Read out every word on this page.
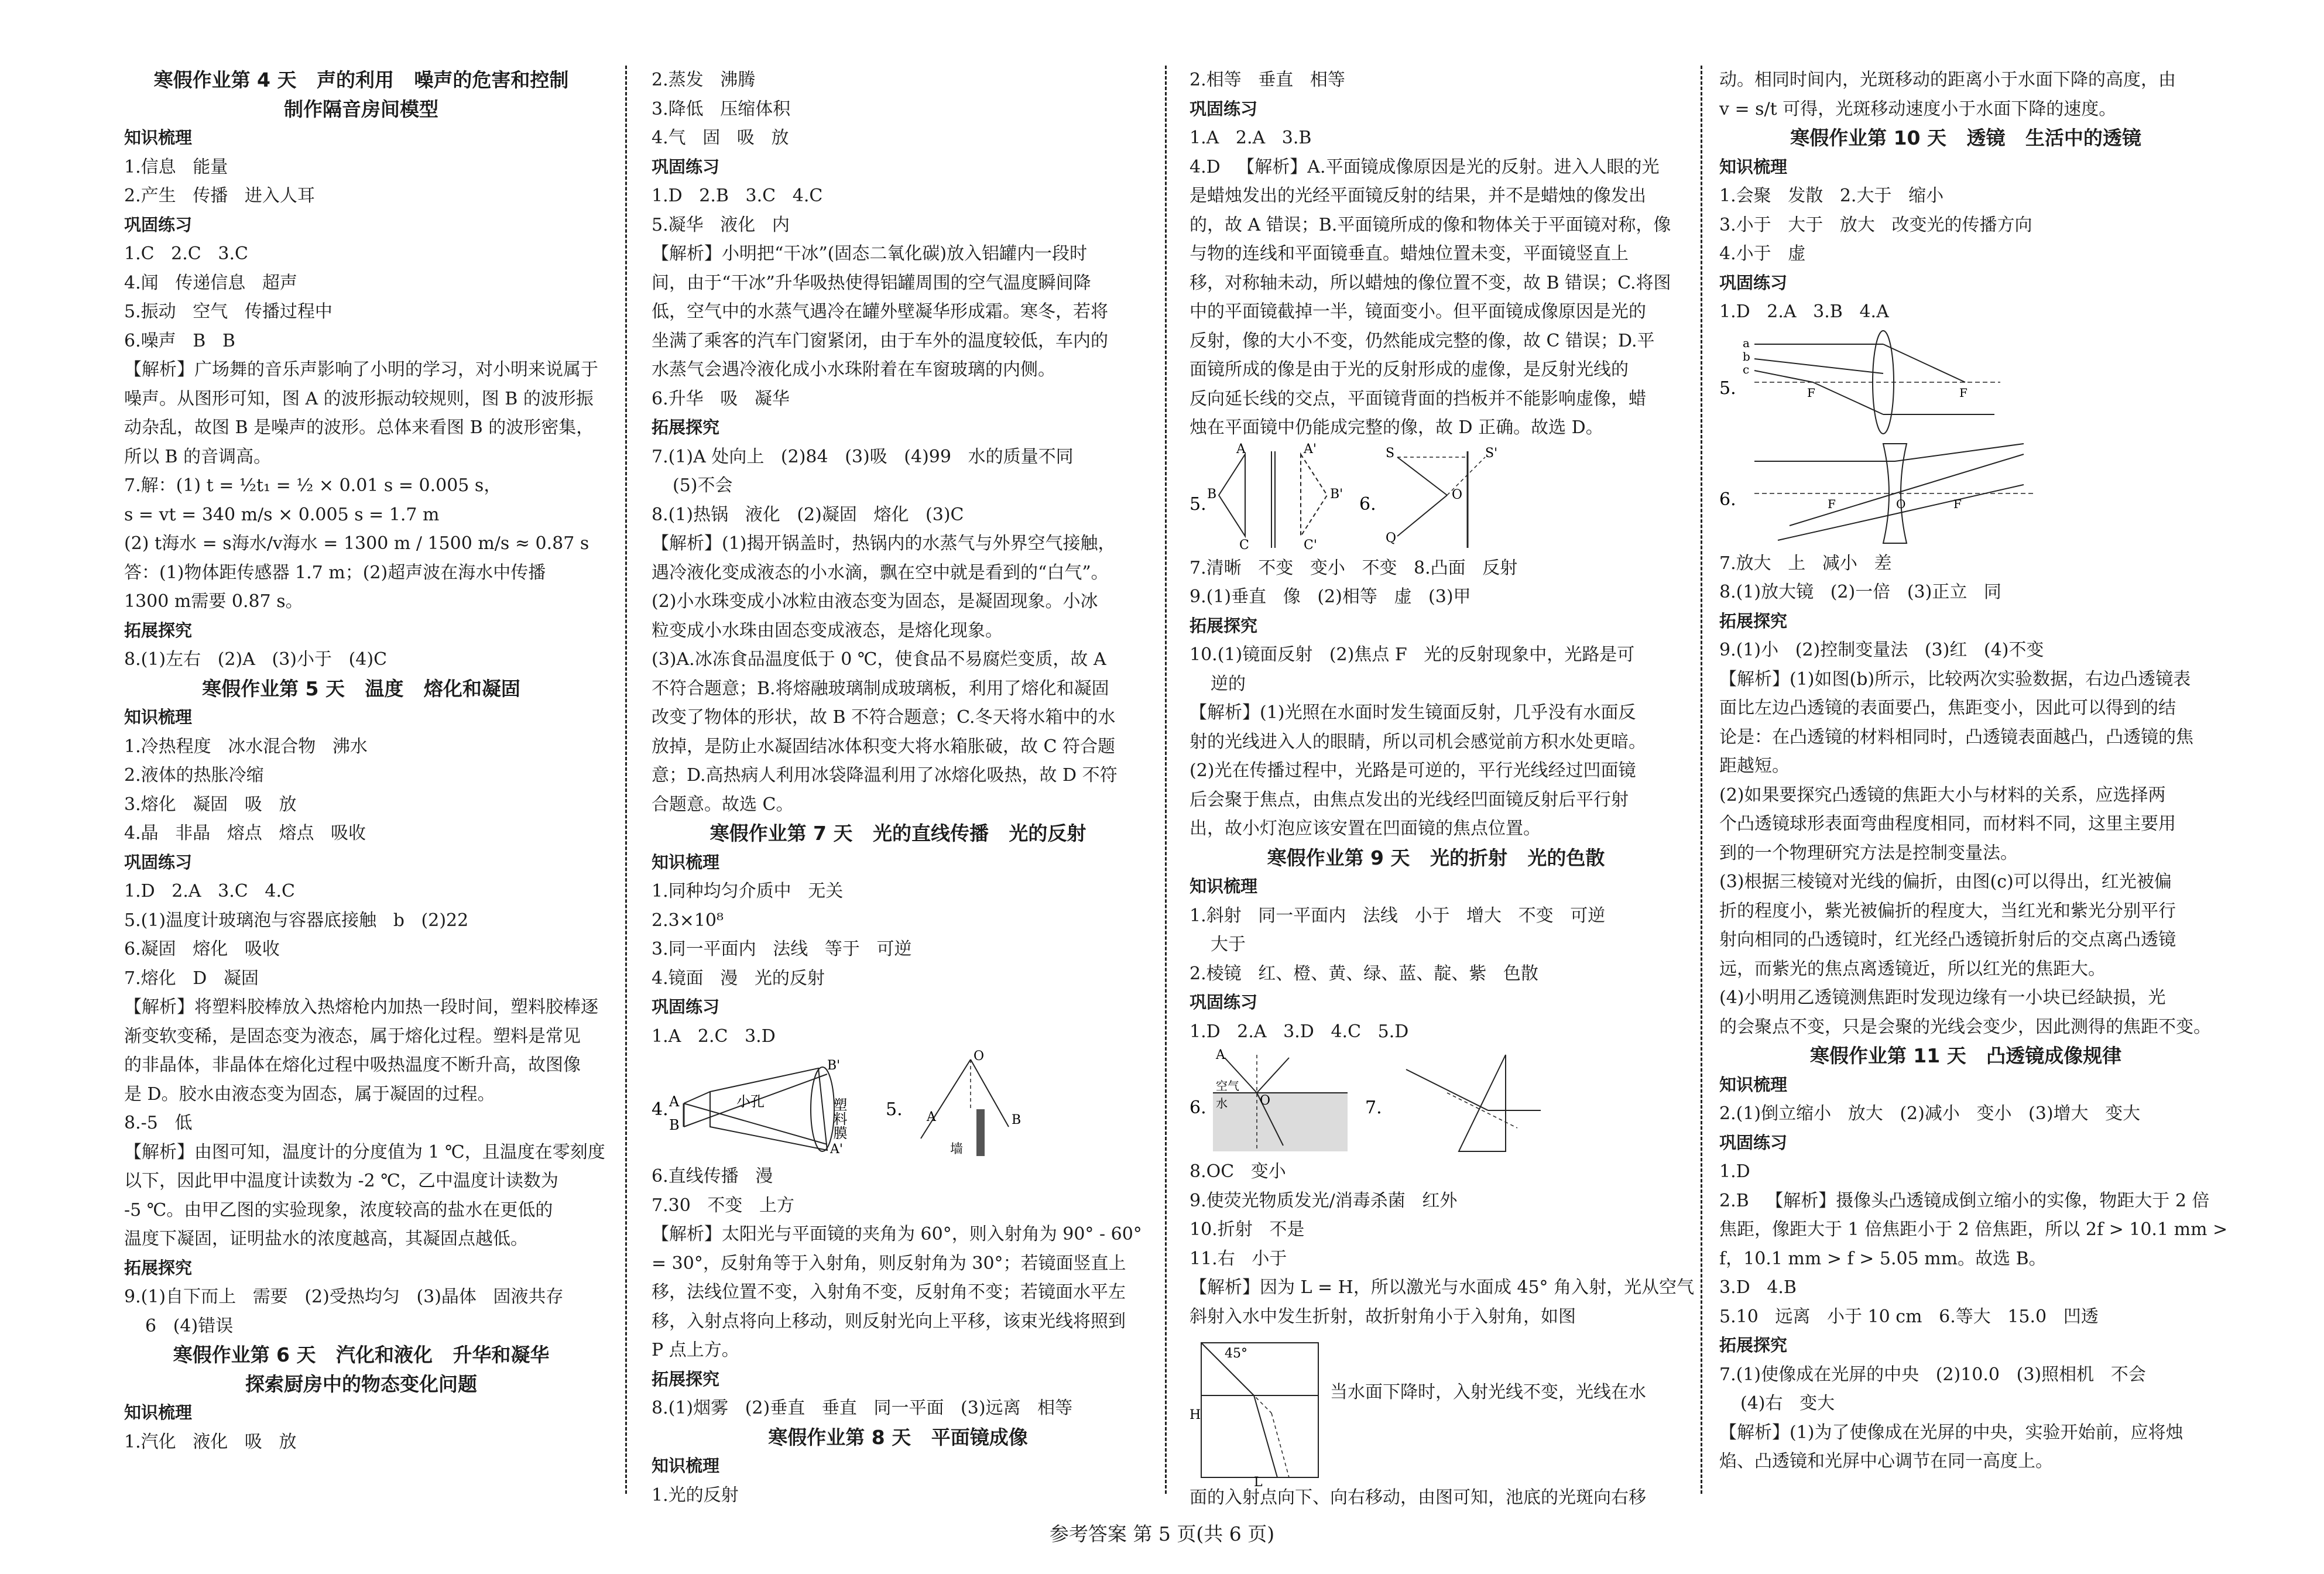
寒假作业第 4 天   声的利用   噪声的危害和控制
制作隔音房间模型
知识梳理
1.信息   能量
2.产生   传播   进入人耳
巩固练习
1.C   2.C   3.C
4.闻   传递信息   超声
5.振动   空气   传播过程中
6.噪声   B   B
【解析】广场舞的音乐声影响了小明的学习，对小明来说属于
噪声。从图形可知，图 A 的波形振动较规则，图 B 的波形振
动杂乱，故图 B 是噪声的波形。总体来看图 B 的波形密集，
所以 B 的音调高。
7.解：(1) t = ½t₁ = ½ × 0.01 s = 0.005 s，
s = vt = 340 m/s × 0.005 s = 1.7 m
(2) t海水 = s海水/v海水 = 1300 m / 1500 m/s ≈ 0.87 s
答：(1)物体距传感器 1.7 m；(2)超声波在海水中传播
1300 m需要 0.87 s。
拓展探究
8.(1)左右   (2)A   (3)小于   (4)C
寒假作业第 5 天   温度   熔化和凝固
知识梳理
1.冷热程度   冰水混合物   沸水
2.液体的热胀冷缩
3.熔化   凝固   吸   放
4.晶   非晶   熔点   熔点   吸收
巩固练习
1.D   2.A   3.C   4.C
5.(1)温度计玻璃泡与容器底接触   b   (2)22
6.凝固   熔化   吸收
7.熔化   D   凝固
【解析】将塑料胶棒放入热熔枪内加热一段时间，塑料胶棒逐
渐变软变稀，是固态变为液态，属于熔化过程。塑料是常见
的非晶体，非晶体在熔化过程中吸热温度不断升高，故图像
是 D。胶水由液态变为固态，属于凝固的过程。
8.-5   低
【解析】由图可知，温度计的分度值为 1 ℃，且温度在零刻度
以下，因此甲中温度计读数为 -2 ℃，乙中温度计读数为
-5 ℃。由甲乙图的实验现象，浓度较高的盐水在更低的
温度下凝固，证明盐水的浓度越高，其凝固点越低。
拓展探究
9.(1)自下而上   需要   (2)受热均匀   (3)晶体   固液共存
6   (4)错误
寒假作业第 6 天   汽化和液化   升华和凝华
探索厨房中的物态变化问题
知识梳理
1.汽化   液化   吸   放
2.蒸发   沸腾
3.降低   压缩体积
4.气   固   吸   放
巩固练习
1.D   2.B   3.C   4.C
5.凝华   液化   内
【解析】小明把“干冰”(固态二氧化碳)放入铝罐内一段时
间，由于“干冰”升华吸热使得铝罐周围的空气温度瞬间降
低，空气中的水蒸气遇冷在罐外壁凝华形成霜。寒冬，若将
坐满了乘客的汽车门窗紧闭，由于车外的温度较低，车内的
水蒸气会遇冷液化成小水珠附着在车窗玻璃的内侧。
6.升华   吸   凝华
拓展探究
7.(1)A 处向上   (2)84   (3)吸   (4)99   水的质量不同
(5)不会
8.(1)热锅   液化   (2)凝固   熔化   (3)C
【解析】(1)揭开锅盖时，热锅内的水蒸气与外界空气接触，
遇冷液化变成液态的小水滴，飘在空中就是看到的“白气”。
(2)小水珠变成小冰粒由液态变为固态，是凝固现象。小冰
粒变成小水珠由固态变成液态，是熔化现象。
(3)A.冰冻食品温度低于 0 ℃，使食品不易腐烂变质，故 A
不符合题意；B.将熔融玻璃制成玻璃板，利用了熔化和凝固
改变了物体的形状，故 B 不符合题意；C.冬天将水箱中的水
放掉，是防止水凝固结冰体积变大将水箱胀破，故 C 符合题
意；D.高热病人利用冰袋降温利用了冰熔化吸热，故 D 不符
合题意。故选 C。
寒假作业第 7 天   光的直线传播   光的反射
知识梳理
1.同种均匀介质中   无关
2.3×10⁸
3.同一平面内   法线   等于   可逆
4.镜面   漫   光的反射
巩固练习
1.A   2.C   3.D
4. A
B
B'
A'
小孔	塑料膜 5.
O
A	B
墙
6.直线传播   漫
7.30   不变   上方
【解析】太阳光与平面镜的夹角为 60°，则入射角为 90° - 60°
= 30°，反射角等于入射角，则反射角为 30°；若镜面竖直上
移，法线位置不变，入射角不变，反射角不变；若镜面水平左
移，入射点将向上移动，则反射光向上平移，该束光线将照到
P 点上方。
拓展探究
8.(1)烟雾   (2)垂直   垂直   同一平面   (3)远离   相等
寒假作业第 8 天   平面镜成像
知识梳理
1.光的反射
2.相等   垂直   相等
巩固练习
1.A   2.A   3.B
4.D   【解析】A.平面镜成像原因是光的反射。进入人眼的光
是蜡烛发出的光经平面镜反射的结果，并不是蜡烛的像发出
的，故 A 错误；B.平面镜所成的像和物体关于平面镜对称，像
与物的连线和平面镜垂直。蜡烛位置未变，平面镜竖直上
移，对称轴未动，所以蜡烛的像位置不变，故 B 错误；C.将图
中的平面镜截掉一半，镜面变小。但平面镜成像原因是光的
反射，像的大小不变，仍然能成完整的像，故 C 错误；D.平
面镜所成的像是由于光的反射形成的虚像，是反射光线的
反向延长线的交点，平面镜背面的挡板并不能影响虚像，蜡
烛在平面镜中仍能成完整的像，故 D 正确。故选 D。
5.
A	A'
B	B'
C	C'
6.
S	S'
O
Q
7.清晰   不变   变小   不变   8.凸面   反射
9.(1)垂直   像   (2)相等   虚   (3)甲
拓展探究
10.(1)镜面反射   (2)焦点 F   光的反射现象中，光路是可
逆的
【解析】(1)光照在水面时发生镜面反射，几乎没有水面反
射的光线进入人的眼睛，所以司机会感觉前方积水处更暗。
(2)光在传播过程中，光路是可逆的，平行光线经过凹面镜
后会聚于焦点，由焦点发出的光线经凹面镜反射后平行射
出，故小灯泡应该安置在凹面镜的焦点位置。
寒假作业第 9 天   光的折射   光的色散
知识梳理
1.斜射   同一平面内   法线   小于   增大   不变   可逆
大于
2.棱镜   红、橙、黄、绿、蓝、靛、紫   色散
巩固练习
1.D   2.A   3.D   4.C   5.D
6.
A
空气
水	O	7.
8.OC   变小
9.使荧光物质发光/消毒杀菌   红外
10.折射   不是
11.右   小于
【解析】因为 L = H，所以激光与水面成 45° 角入射，光从空气
斜射入水中发生折射，故折射角小于入射角，如图
45°
H
L
当水面下降时，入射光线不变，光线在水
面的入射点向下、向右移动，由图可知，池底的光斑向右移
动。相同时间内，光斑移动的距离小于水面下降的高度，由
v = s/t 可得，光斑移动速度小于水面下降的速度。
寒假作业第 10 天   透镜   生活中的透镜
知识梳理
1.会聚   发散   2.大于   缩小
3.小于   大于   放大   改变光的传播方向
4.小于   虚
巩固练习
1.D   2.A   3.B   4.A
5.
a
b
c
F	F
6.	F	O	F
7.放大   上   减小   差
8.(1)放大镜   (2)一倍   (3)正立   同
拓展探究
9.(1)小   (2)控制变量法   (3)红   (4)不变
【解析】(1)如图(b)所示，比较两次实验数据，右边凸透镜表
面比左边凸透镜的表面要凸，焦距变小，因此可以得到的结
论是：在凸透镜的材料相同时，凸透镜表面越凸，凸透镜的焦
距越短。
(2)如果要探究凸透镜的焦距大小与材料的关系，应选择两
个凸透镜球形表面弯曲程度相同，而材料不同，这里主要用
到的一个物理研究方法是控制变量法。
(3)根据三棱镜对光线的偏折，由图(c)可以得出，红光被偏
折的程度小，紫光被偏折的程度大，当红光和紫光分别平行
射向相同的凸透镜时，红光经凸透镜折射后的交点离凸透镜
远，而紫光的焦点离透镜近，所以红光的焦距大。
(4)小明用乙透镜测焦距时发现边缘有一小块已经缺损，光
的会聚点不变，只是会聚的光线会变少，因此测得的焦距不变。
寒假作业第 11 天   凸透镜成像规律
知识梳理
2.(1)倒立缩小   放大   (2)减小   变小   (3)增大   变大
巩固练习
1.D
2.B   【解析】摄像头凸透镜成倒立缩小的实像，物距大于 2 倍
焦距，像距大于 1 倍焦距小于 2 倍焦距，所以 2f > 10.1 mm >
f，10.1 mm > f > 5.05 mm。故选 B。
3.D   4.B
5.10   远离   小于 10 cm   6.等大   15.0   凹透
拓展探究
7.(1)使像成在光屏的中央   (2)10.0   (3)照相机   不会
(4)右   变大
【解析】(1)为了使像成在光屏的中央，实验开始前，应将烛
焰、凸透镜和光屏中心调节在同一高度上。
参考答案 第 5 页(共 6 页)
